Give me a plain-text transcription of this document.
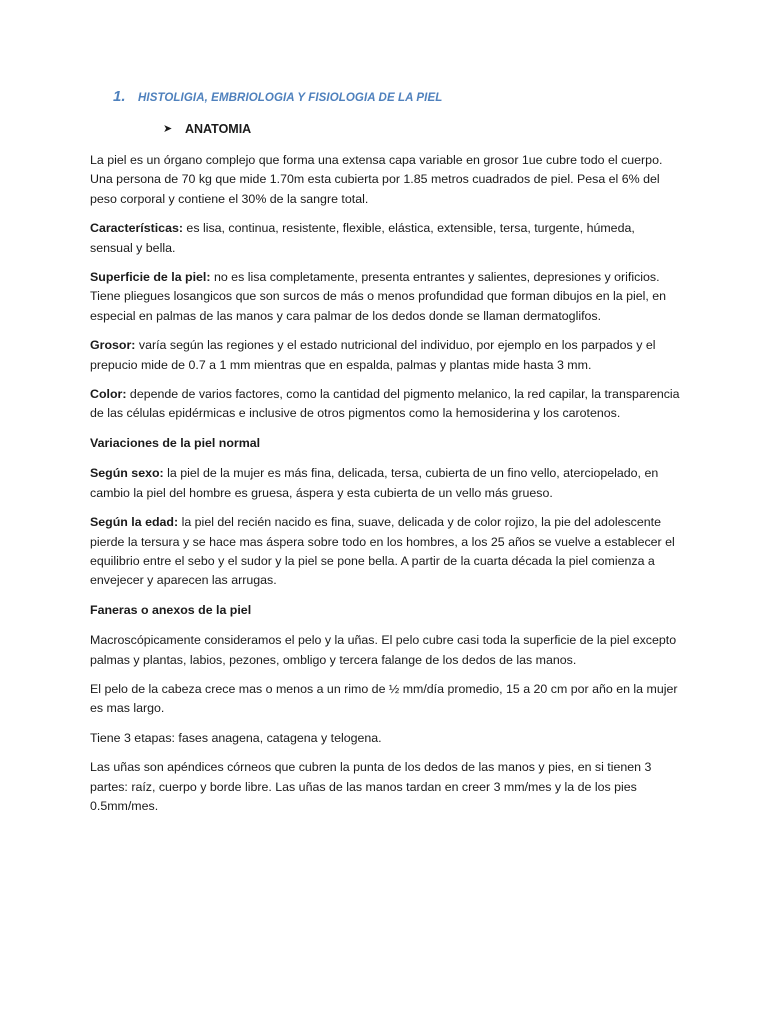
1.	HISTOLIGIA, EMBRIOLOGIA Y FISIOLOGIA DE LA PIEL
➤	ANATOMIA

La piel es un órgano complejo que forma una extensa capa variable en grosor 1ue cubre todo el cuerpo. Una persona de 70 kg que mide 1.70m esta cubierta por 1.85 metros cuadrados de piel. Pesa el 6% del peso corporal y contiene el 30% de la sangre total.

Características: es lisa, continua, resistente, flexible, elástica, extensible, tersa, turgente, húmeda, sensual y bella.

Superficie de la piel: no es lisa completamente, presenta entrantes y salientes, depresiones y orificios. Tiene pliegues losangicos que son surcos de más o menos profundidad que forman dibujos en la piel, en especial en palmas de las manos y cara palmar de los dedos donde se llaman dermatoglifos.

Grosor: varía según las regiones y el estado nutricional del individuo, por ejemplo en los parpados y el prepucio mide de 0.7 a 1 mm mientras que en espalda, palmas y plantas mide hasta 3 mm.

Color: depende de varios factores, como la cantidad del pigmento melanico, la red capilar, la transparencia de las células epidérmicas e inclusive de otros pigmentos como la hemosiderina y los carotenos.

Variaciones de la piel normal

Según sexo: la piel de la mujer es más fina, delicada, tersa, cubierta de un fino vello, aterciopelado, en cambio la piel del hombre es gruesa, áspera y esta cubierta de un vello más grueso.

Según la edad: la piel del recién nacido es fina, suave, delicada y de color rojizo, la pie del adolescente pierde la tersura y se hace mas áspera sobre todo en los hombres, a los 25 años se vuelve a establecer el equilibrio entre el sebo y el sudor y la piel se pone bella. A partir de la cuarta década la piel comienza a envejecer y aparecen las arrugas.

Faneras o anexos de la piel

Macroscópicamente consideramos el pelo y la uñas. El pelo cubre casi toda la superficie de la piel excepto palmas y plantas, labios, pezones, ombligo y tercera falange de los dedos de las manos.

El pelo de la cabeza crece mas o menos a un rimo de ½ mm/día promedio, 15 a 20 cm por año en la mujer es mas largo.

Tiene 3 etapas: fases anagena, catagena y telogena.

Las uñas son apéndices córneos que cubren la punta de los dedos de las manos y pies, en si tienen 3 partes: raíz, cuerpo y borde libre. Las uñas de las manos tardan en creer 3 mm/mes y la de los pies 0.5mm/mes.
